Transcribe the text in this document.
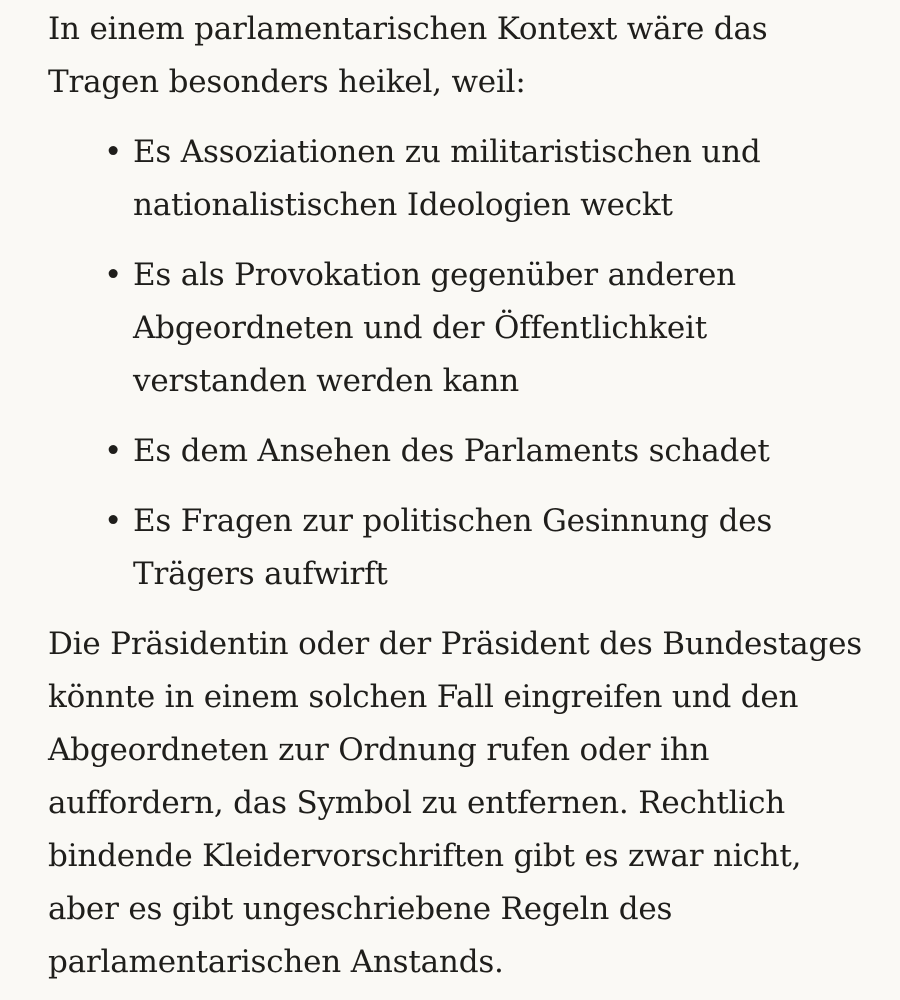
In einem parlamentarischen Kontext wäre das Tragen besonders heikel, weil:

• Es Assoziationen zu militaristischen und nationalistischen Ideologien weckt
• Es als Provokation gegenüber anderen Abgeordneten und der Öffentlichkeit verstanden werden kann
• Es dem Ansehen des Parlaments schadet
• Es Fragen zur politischen Gesinnung des Trägers aufwirft

Die Präsidentin oder der Präsident des Bundestages könnte in einem solchen Fall eingreifen und den Abgeordneten zur Ordnung rufen oder ihn auffordern, das Symbol zu entfernen. Rechtlich bindende Kleidervorschriften gibt es zwar nicht, aber es gibt ungeschriebene Regeln des parlamentarischen Anstands.
